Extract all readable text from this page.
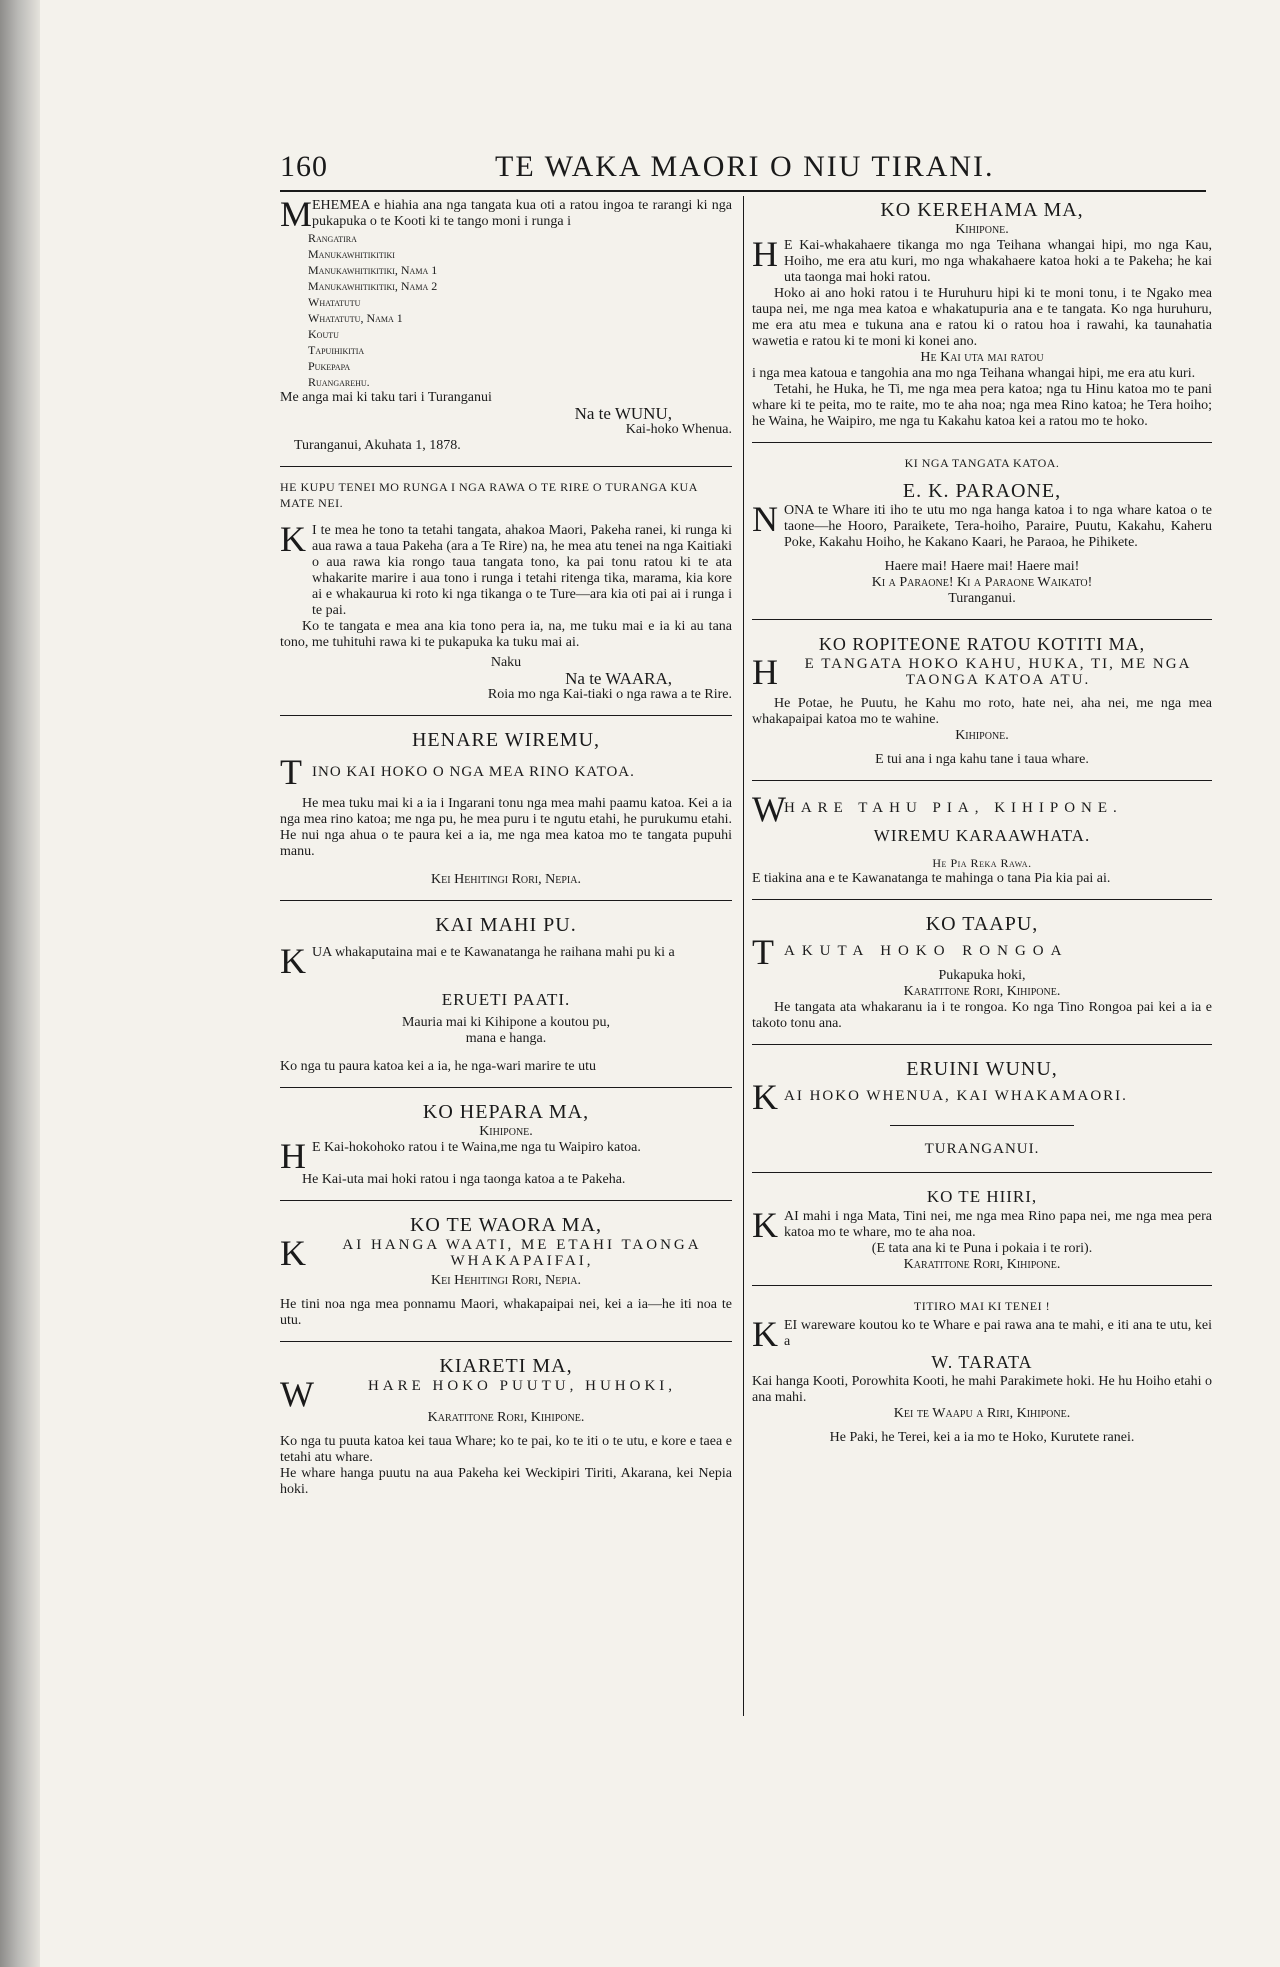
160	TE WAKA MAORI O NIU TIRANI.
M EHEMEA e hiahia ana nga tangata kua oti a ratou ingoa te rarangi ki nga pukapuka o te Kooti ki te tango moni i runga i
Rangatira
Manukawhitikitiki
Manukawhitikitiki, Nama 1
Manukawhitikitiki, Nama 2
Whatatutu
Whatatutu, Nama 1
Koutu
Tapuihikitia
Pukepapa
Ruangarehu.
Me anga mai ki taku tari i Turanganui
Na te WUNU,
Kai-hoko Whenua.
Turanganui, Akuhata 1, 1878.
HE KUPU TENEI MO RUNGA I NGA RAWA O TE RIRE O TURANGA KUA MATE NEI.
K I te mea he tono ta tetahi tangata, ahakoa Maori, Pakeha ranei, ki runga ki aua rawa a taua Pakeha (ara a Te Rire) na, he mea atu tenei na nga Kaitiaki o aua rawa kia rongo taua tangata tono, ka pai tonu ratou ki te ata whakarite marire i aua tono i runga i tetahi ritenga tika, marama, kia kore ai e whakaurua ki roto ki nga tikanga o te Ture—ara kia oti pai ai i runga i te pai.
Ko te tangata e mea ana kia tono pera ia, na, me tuku mai e ia ki au tana tono, me tuhituhi rawa ki te pukapuka ka tuku mai ai.
Naku
Na te WAARA,
Roia mo nga Kai-tiaki o nga rawa a te Rire.
HENARE WIREMU,
T INO KAI HOKO O NGA MEA RINO KATOA.
He mea tuku mai ki a ia i Ingarani tonu nga mea mahi paamu katoa. Kei a ia nga mea rino katoa; me nga pu, he mea puru i te ngutu etahi, he purukumu etahi. He nui nga ahua o te paura kei a ia, me nga mea katoa mo te tangata pupuhi manu.
Kei Hehitingi Rori, Nepia.
KAI MAHI PU.
K UA whakaputaina mai e te Kawanatanga he raihana mahi pu ki a
ERUETI PAATI.
Mauria mai ki Kihipone a koutou pu,
mana e hanga.
Ko nga tu paura katoa kei a ia, he nga-wari marire te utu
KO HEPARA MA,
Kihipone.
H E Kai-hokohoko ratou i te Waina,me nga tu Waipiro katoa.
He Kai-uta mai hoki ratou i nga taonga katoa a te Pakeha.
KO TE WAORA MA,
K	AI HANGA WAATI, ME ETAHI TAONGA WHAKAPAIFAI,
Kei Hehitingi Rori, Nepia.
He tini noa nga mea ponnamu Maori, whakapaipai nei, kei a ia—he iti noa te utu.
KIARETI MA,
W	HARE HOKO PUUTU, HUHOKI,
Karatitone Rori, Kihipone.
Ko nga tu puuta katoa kei taua Whare; ko te pai, ko te iti o te utu, e kore e taea e tetahi atu whare.
He whare hanga puutu na aua Pakeha kei Weckipiri Tiriti, Akarana, kei Nepia hoki.
KO KEREHAMA MA,
Kihipone.
H E Kai-whakahaere tikanga mo nga Teihana whangai hipi, mo nga Kau, Hoiho, me era atu kuri, mo nga whakahaere katoa hoki a te Pakeha; he kai uta taonga mai hoki ratou.
Hoko ai ano hoki ratou i te Huruhuru hipi ki te moni tonu, i te Ngako mea taupa nei, me nga mea katoa e whakatupuria ana e te tangata. Ko nga huruhuru, me era atu mea e tukuna ana e ratou ki o ratou hoa i rawahi, ka taunahatia wawetia e ratou ki te moni ki konei ano.
He Kai uta mai ratou
i nga mea katoua e tangohia ana mo nga Teihana whangai hipi, me era atu kuri.
Tetahi, he Huka, he Ti, me nga mea pera katoa; nga tu Hinu katoa mo te pani whare ki te peita, mo te raite, mo te aha noa; nga mea Rino katoa; he Tera hoiho; he Waina, he Waipiro, me nga tu Kakahu katoa kei a ratou mo te hoko.
KI NGA TANGATA KATOA.
E. K. PARAONE,
N ONA te Whare iti iho te utu mo nga hanga katoa i to nga whare katoa o te taone—he Hooro, Paraikete, Tera-hoiho, Paraire, Puutu, Kakahu, Kaheru Poke, Kakahu Hoiho, he Kakano Kaari, he Paraoa, he Pihikete.
Haere mai! Haere mai! Haere mai!
Ki a Paraone! Ki a Paraone Waikato!
Turanganui.
KO ROPITEONE RATOU KOTITI MA,
H	E TANGATA HOKO KAHU, HUKA, TI, ME NGA TAONGA KATOA ATU.
He Potae, he Puutu, he Kahu mo roto, hate nei, aha nei, me nga mea whakapaipai katoa mo te wahine.
Kihipone.
E tui ana i nga kahu tane i taua whare.
W
HARE TAHU PIA, KIHIPONE.
WIREMU KARAAWHATA.
He Pia Reka Rawa.
E tiakina ana e te Kawanatanga te mahinga o tana Pia kia pai ai.
KO TAAPU,
T AKUTA HOKO RONGOA
Pukapuka hoki,
Karatitone Rori, Kihipone.
He tangata ata whakaranu ia i te rongoa. Ko nga Tino Rongoa pai kei a ia e takoto tonu ana.
ERUINI WUNU,
K AI HOKO WHENUA, KAI WHAKAMAORI.
TURANGANUI.
KO TE HIIRI,
K AI mahi i nga Mata, Tini nei, me nga mea Rino papa nei, me nga mea pera katoa mo te whare, mo te aha noa.
(E tata ana ki te Puna i pokaia i te rori).
Karatitone Rori, Kihipone.
TITIRO MAI KI TENEI !
K EI wareware koutou ko te Whare e pai rawa ana te mahi, e iti ana te utu, kei a
W. TARATA
Kai hanga Kooti, Porowhita Kooti, he mahi Parakimete hoki. He hu Hoiho etahi o ana mahi.
Kei te Waapu a Riri, Kihipone.
He Paki, he Terei, kei a ia mo te Hoko, Kurutete ranei.
